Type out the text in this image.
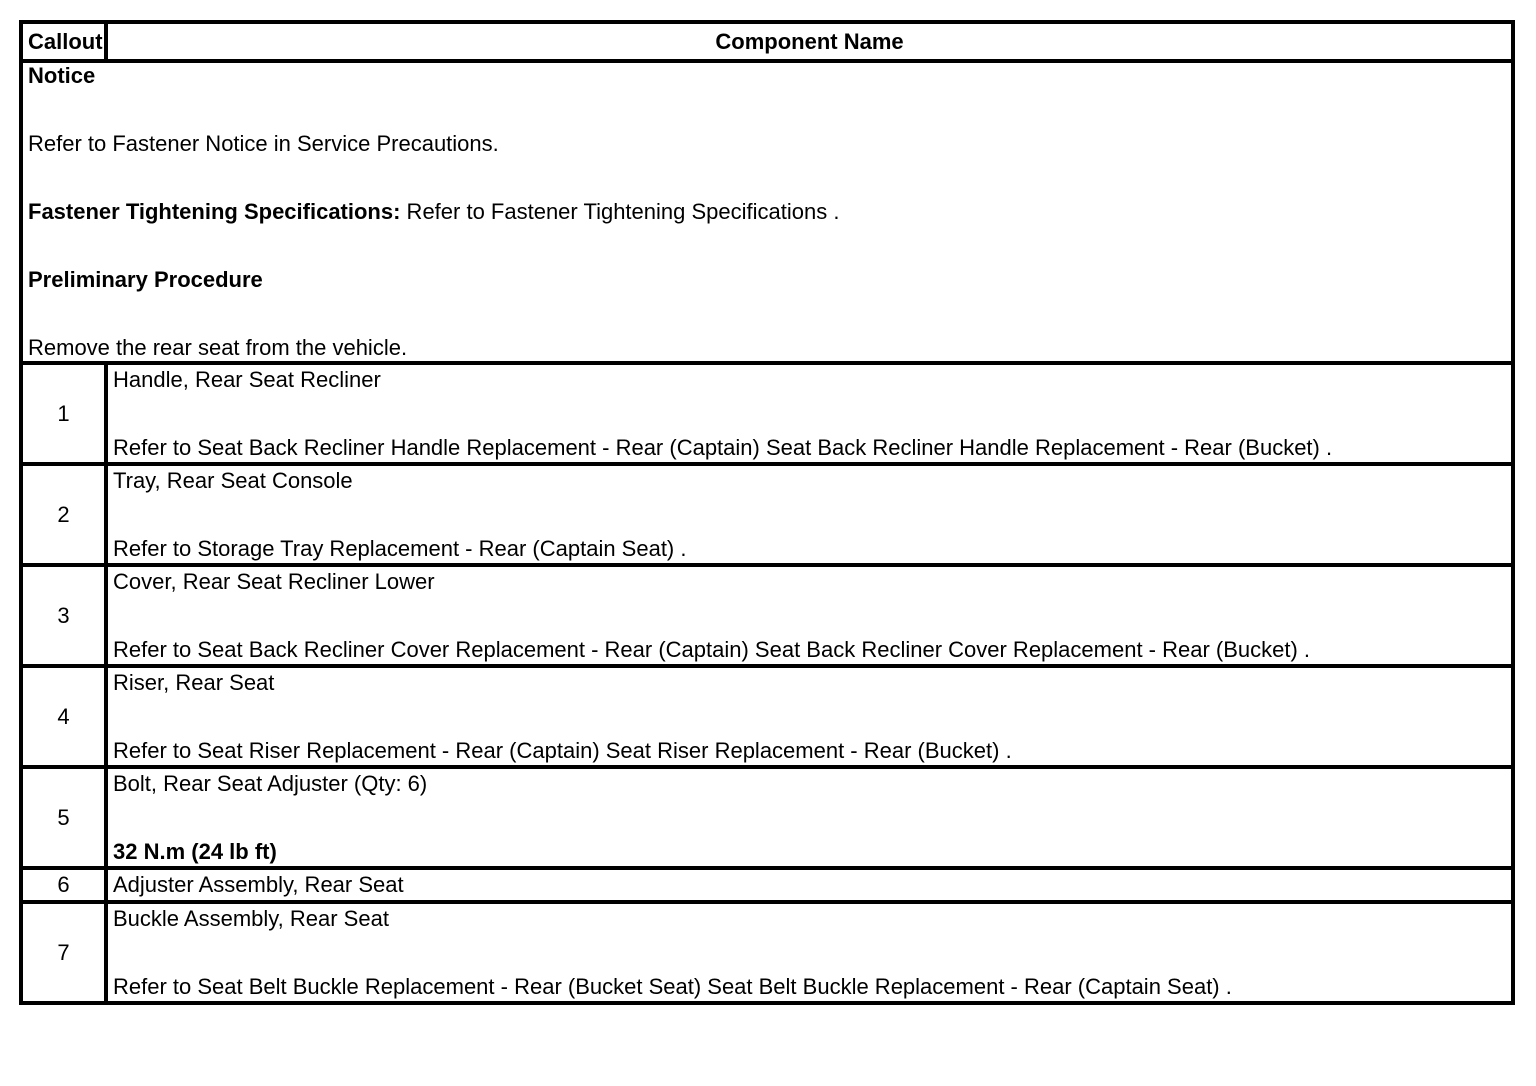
Callout	Component Name

Notice

Refer to Fastener Notice in Service Precautions.

Fastener Tightening Specifications: Refer to Fastener Tightening Specifications .

Preliminary Procedure

Remove the rear seat from the vehicle.	

1	Handle, Rear Seat Recliner
Refer to Seat Back Recliner Handle Replacement - Rear (Captain) Seat Back Recliner Handle Replacement - Rear (Bucket) .

2	Tray, Rear Seat Console
Refer to Storage Tray Replacement - Rear (Captain Seat) .

3	Cover, Rear Seat Recliner Lower
Refer to Seat Back Recliner Cover Replacement - Rear (Captain) Seat Back Recliner Cover Replacement - Rear (Bucket) .

4	Riser, Rear Seat
Refer to Seat Riser Replacement - Rear (Captain) Seat Riser Replacement - Rear (Bucket) .

5	Bolt, Rear Seat Adjuster (Qty: 6)
32 N.m (24 lb ft)

6	Adjuster Assembly, Rear Seat

7	Buckle Assembly, Rear Seat
Refer to Seat Belt Buckle Replacement - Rear (Bucket Seat) Seat Belt Buckle Replacement - Rear (Captain Seat) .
